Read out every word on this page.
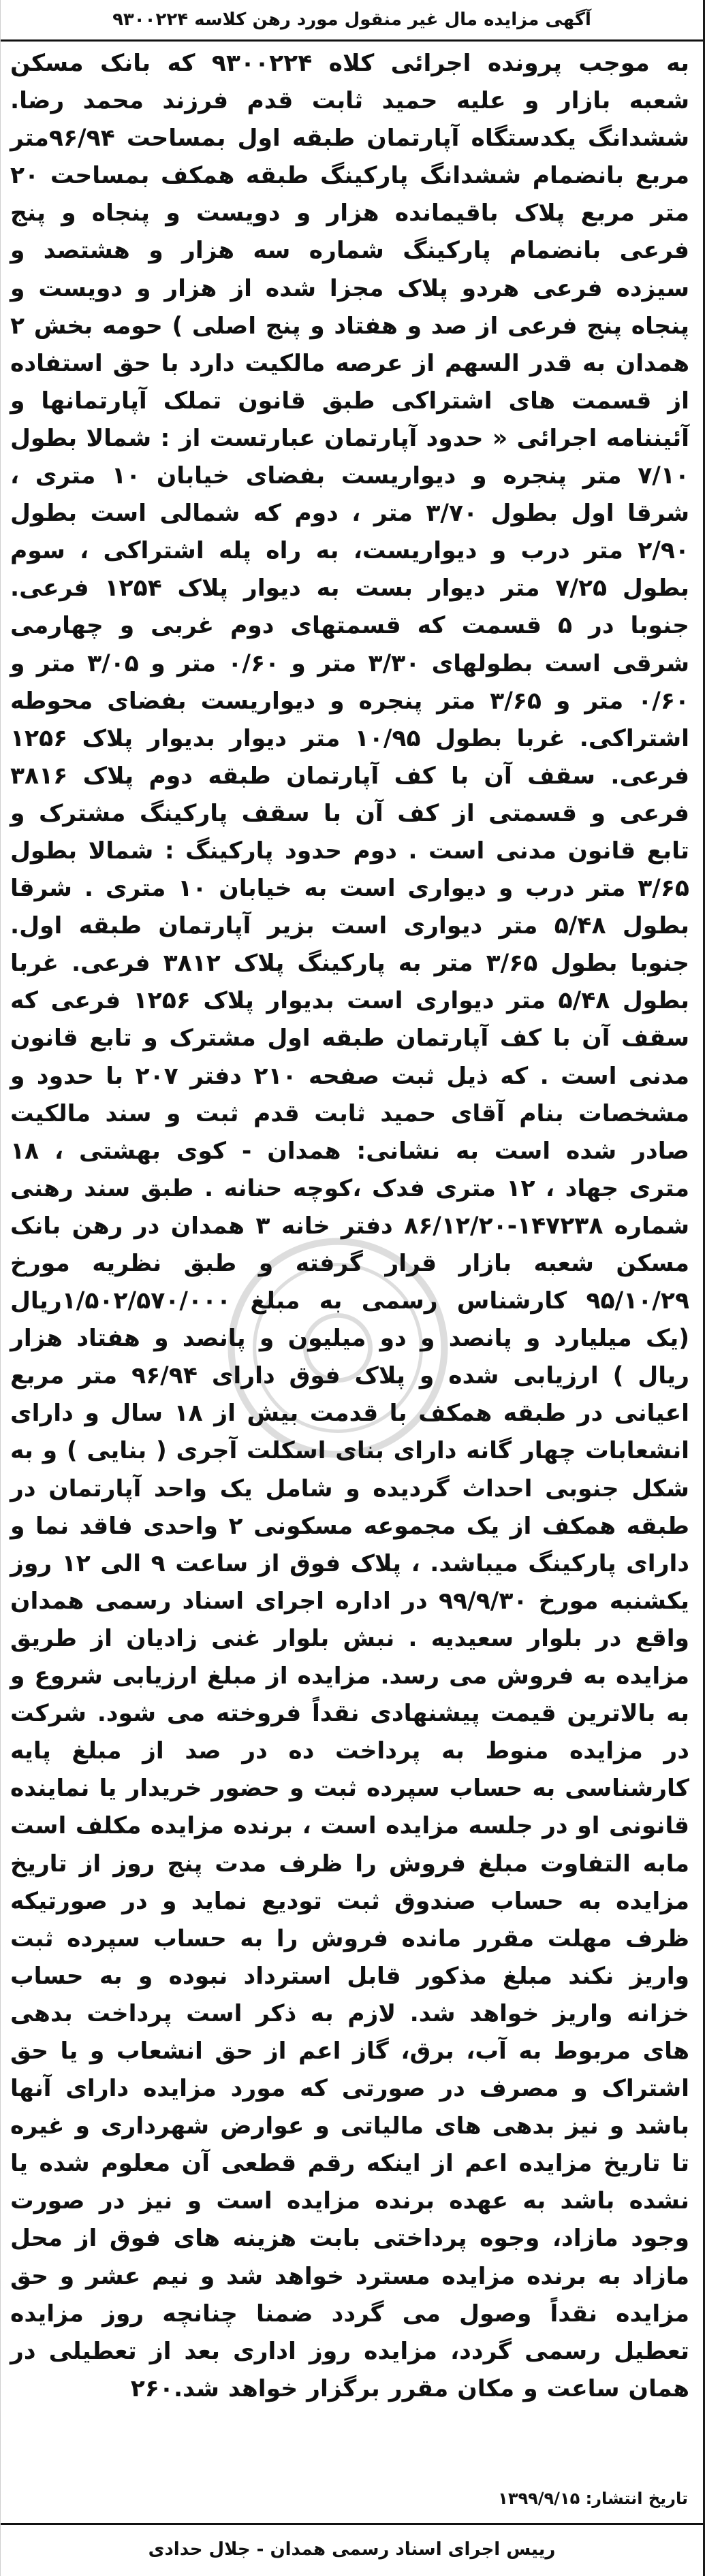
آگهی مزایده مال غیر منقول مورد رهن کلاسه ۹۳۰۰۲۲۴
به موجب پرونده اجرائی کلاه ۹۳۰۰۲۲۴ که بانک مسکن شعبه بازار و علیه حمید ثابت قدم فرزند محمد رضا. ششدانگ یکدستگاه آپارتمان طبقه اول بمساحت ۹۶/۹۴متر مربع بانضمام ششدانگ پارکینگ طبقه همکف بمساحت ۲۰ متر مربع پلاک باقیمانده هزار و دویست و پنجاه و پنج فرعی بانضمام پارکینگ شماره سه هزار و هشتصد و سیزده فرعی هردو پلاک مجزا شده از هزار و دویست و پنجاه پنج فرعی از صد و هفتاد و پنج اصلی ) حومه بخش ۲ همدان به قدر السهم از عرصه مالکیت دارد با حق استفاده از قسمت های اشتراکی طبق قانون تملک آپارتمانها و آئیننامه اجرائی « حدود آپارتمان عبارتست از : شمالا بطول ۷/۱۰ متر پنجره و دیواریست بفضای خیابان ۱۰ متری ، شرقا اول بطول ۳/۷۰ متر ، دوم که شمالی است بطول ۲/۹۰ متر درب و دیواریست، به راه پله اشتراکی ، سوم بطول ۷/۲۵ متر دیوار بست به دیوار پلاک ۱۲۵۴ فرعی. جنوبا در ۵ قسمت که قسمتهای دوم غربی و چهارمی شرقی است بطولهای ۳/۳۰ متر و ۰/۶۰ متر و ۳/۰۵ متر و ۰/۶۰ متر و ۳/۶۵ متر پنجره و دیواریست بفضای محوطه اشتراکی. غربا بطول ۱۰/۹۵ متر دیوار بدیوار پلاک ۱۲۵۶ فرعی. سقف آن با کف آپارتمان طبقه دوم پلاک ۳۸۱۶ فرعی و قسمتی از کف آن با سقف پارکینگ مشترک و تابع قانون مدنی است . دوم حدود پارکینگ : شمالا بطول ۳/۶۵ متر درب و دیواری است به خیابان ۱۰ متری . شرقا بطول ۵/۴۸ متر دیواری است بزیر آپارتمان طبقه اول. جنوبا بطول ۳/۶۵ متر به پارکینگ پلاک ۳۸۱۲ فرعی. غربا بطول ۵/۴۸ متر دیواری است بدیوار پلاک ۱۲۵۶ فرعی که سقف آن با کف آپارتمان طبقه اول مشترک و تابع قانون مدنی است . که ذیل ثبت صفحه ۲۱۰ دفتر ۲۰۷ با حدود و مشخصات بنام آقای حمید ثابت قدم ثبت و سند مالکیت صادر شده است به نشانی: همدان - کوی بهشتی ، ۱۸ متری جهاد ، ۱۲ متری فدک ،کوچه حنانه . طبق سند رهنی شماره ۱۴۷۲۳۸-۸۶/۱۲/۲۰ دفتر خانه ۳ همدان در رهن بانک مسکن شعبه بازار قرار گرفته و طبق نظریه مورخ ۹۵/۱۰/۲۹ کارشناس رسمی به مبلغ ۱/۵۰۲/۵۷۰/۰۰۰ریال (یک میلیارد و پانصد و دو میلیون و پانصد و هفتاد هزار ریال ) ارزیابی شده و پلاک فوق دارای ۹۶/۹۴ متر مربع اعیانی در طبقه همکف با قدمت بیش از ۱۸ سال و دارای انشعابات چهار گانه دارای بنای اسکلت آجری ( بنایی ) و به شکل جنوبی احداث گردیده و شامل یک واحد آپارتمان در طبقه همکف از یک مجموعه مسکونی ۲ واحدی فاقد نما و دارای پارکینگ میباشد. ، پلاک فوق از ساعت ۹ الی ۱۲ روز یکشنبه مورخ ۹۹/۹/۳۰ در اداره اجرای اسناد رسمی همدان واقع در بلوار سعیدیه . نبش بلوار غنی زادیان از طریق مزایده به فروش می رسد. مزایده از مبلغ ارزیابی شروع و به بالاترین قیمت پیشنهادی نقداً فروخته می شود. شرکت در مزایده منوط به پرداخت ده در صد از مبلغ پایه کارشناسی به حساب سپرده ثبت و حضور خریدار یا نماینده قانونی او در جلسه مزایده است ، برنده مزایده مکلف است مابه التفاوت مبلغ فروش را ظرف مدت پنج روز از تاریخ مزایده به حساب صندوق ثبت تودیع نماید و در صورتیکه ظرف مهلت مقرر مانده فروش را به حساب سپرده ثبت واریز نکند مبلغ مذکور قابل استرداد نبوده و به حساب خزانه واریز خواهد شد. لازم به ذکر است پرداخت بدهی های مربوط به آب، برق، گاز اعم از حق انشعاب و یا حق اشتراک و مصرف در صورتی که مورد مزایده دارای آنها باشد و نیز بدهی های مالیاتی و عوارض شهرداری و غیره تا تاریخ مزایده اعم از اینکه رقم قطعی آن معلوم شده یا نشده باشد به عهده برنده مزایده است و نیز در صورت وجود مازاد، وجوه پرداختی بابت هزینه های فوق از محل مازاد به برنده مزایده مسترد خواهد شد و نیم عشر و حق مزایده نقداً وصول می گردد ضمنا چنانچه روز مزایده تعطیل رسمی گردد، مزایده روز اداری بعد از تعطیلی در همان ساعت و مکان مقرر برگزار خواهد شد.۲۶۰
تاریخ انتشار: ۱۳۹۹/۹/۱۵
رییس اجرای اسناد رسمی همدان - جلال حدادی
